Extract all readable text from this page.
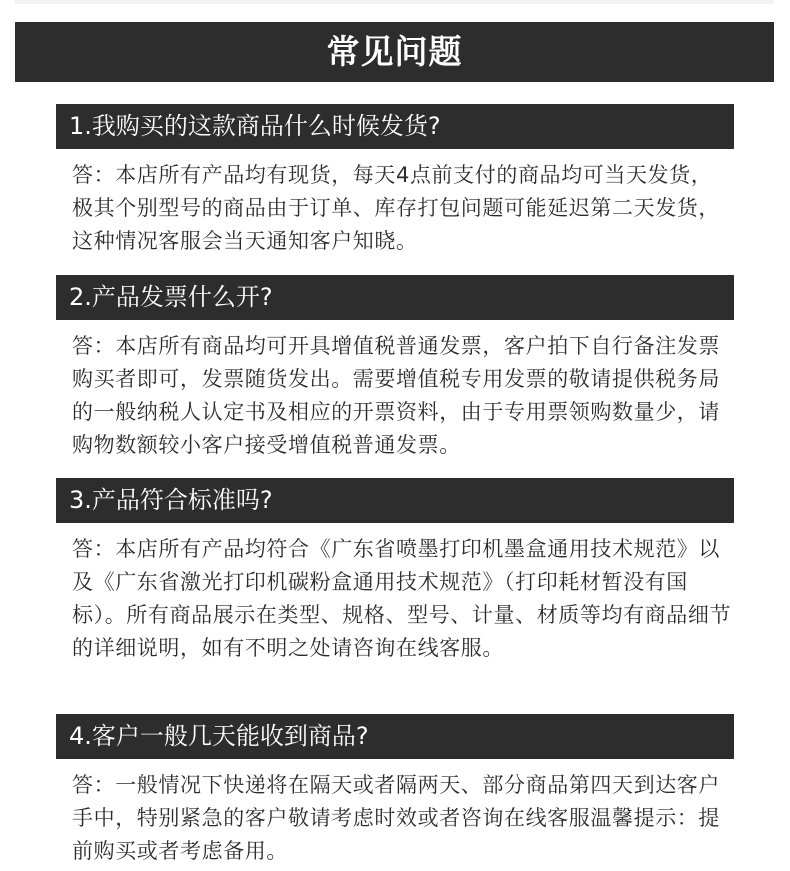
常见问题
1.我购买的这款商品什么时候发货?
答：本店所有产品均有现货，每天4点前支付的商品均可当天发货，极其个别型号的商品由于订单、库存打包问题可能延迟第二天发货，这种情况客服会当天通知客户知晓。
2.产品发票什么开?
答：本店所有商品均可开具增值税普通发票，客户拍下自行备注发票购买者即可，发票随货发出。需要增值税专用发票的敬请提供税务局的一般纳税人认定书及相应的开票资料，由于专用票领购数量少，请购物数额较小客户接受增值税普通发票。
3.产品符合标准吗?
答：本店所有产品均符合《广东省喷墨打印机墨盒通用技术规范》以及《广东省激光打印机碳粉盒通用技术规范》（打印耗材暂没有国标）。所有商品展示在类型、规格、型号、计量、材质等均有商品细节的详细说明，如有不明之处请咨询在线客服。
4.客户一般几天能收到商品?
答：一般情况下快递将在隔天或者隔两天、部分商品第四天到达客户手中，特别紧急的客户敬请考虑时效或者咨询在线客服温馨提示：提前购买或者考虑备用。
